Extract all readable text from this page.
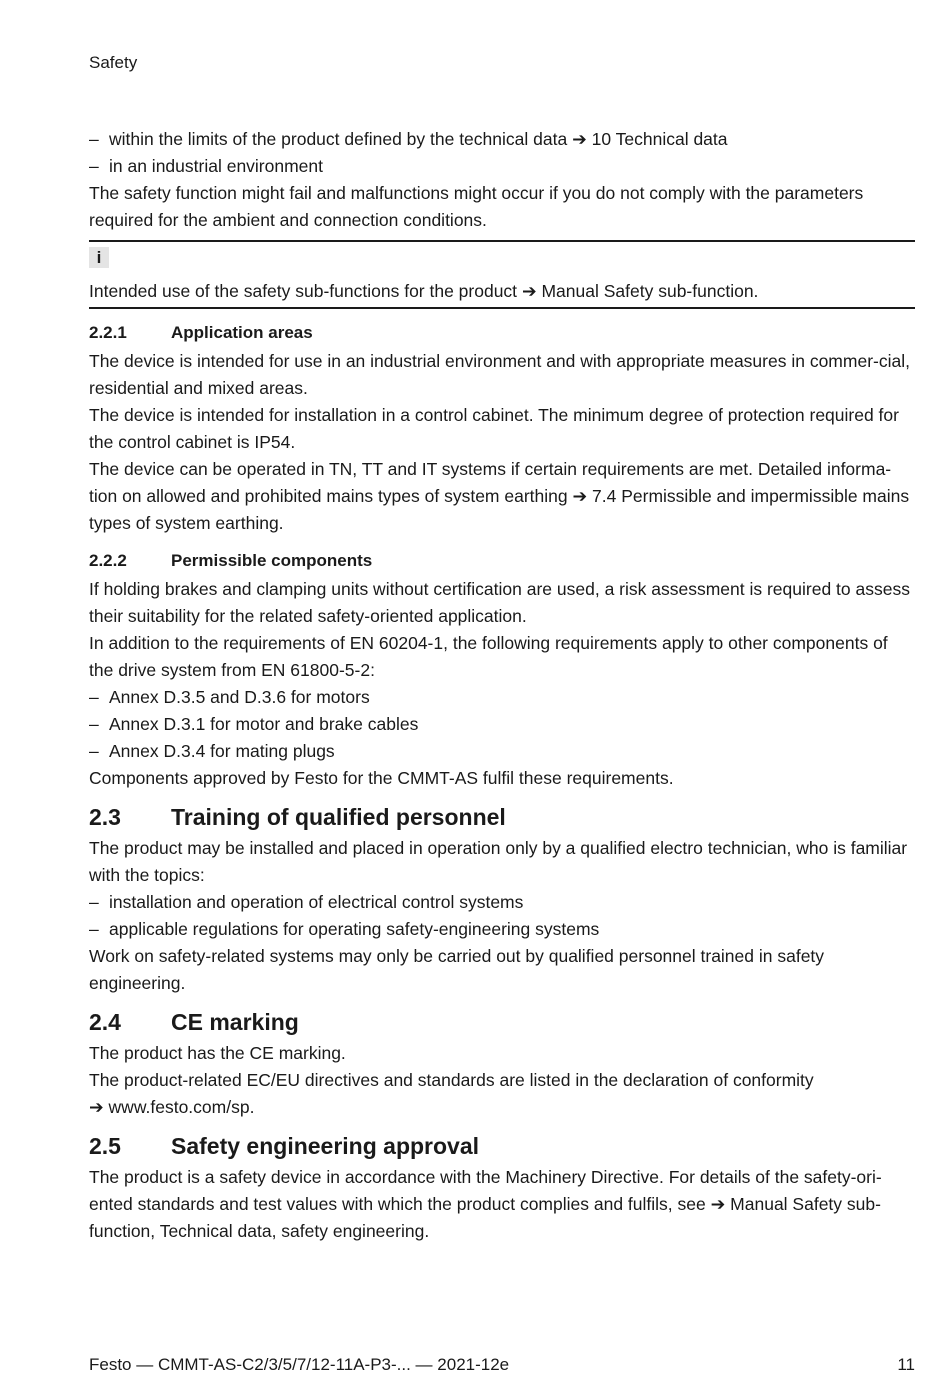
Safety
– within the limits of the product defined by the technical data ➔ 10 Technical data
– in an industrial environment

The safety function might fail and malfunctions might occur if you do not comply with the parameters required for the ambient and connection conditions.

i

Intended use of the safety sub-functions for the product ➔ Manual Safety sub-function.

2.2.1	Application areas

The device is intended for use in an industrial environment and with appropriate measures in commer-cial, residential and mixed areas.

The device is intended for installation in a control cabinet. The minimum degree of protection required for the control cabinet is IP54.

The device can be operated in TN, TT and IT systems if certain requirements are met. Detailed informa-tion on allowed and prohibited mains types of system earthing ➔ 7.4 Permissible and impermissible mains types of system earthing.

2.2.2	Permissible components

If holding brakes and clamping units without certification are used, a risk assessment is required to assess their suitability for the related safety-oriented application.

In addition to the requirements of EN 60204-1, the following requirements apply to other components of the drive system from EN 61800-5-2:

– Annex D.3.5 and D.3.6 for motors
– Annex D.3.1 for motor and brake cables
– Annex D.3.4 for mating plugs

Components approved by Festo for the CMMT-AS fulfil these requirements.

2.3	Training of qualified personnel

The product may be installed and placed in operation only by a qualified electro technician, who is familiar with the topics:

– installation and operation of electrical control systems
– applicable regulations for operating safety-engineering systems

Work on safety-related systems may only be carried out by qualified personnel trained in safety engineering.

2.4	CE marking

The product has the CE marking.

The product-related EC/EU directives and standards are listed in the declaration of conformity
➔ www.festo.com/sp.

2.5	Safety engineering approval

The product is a safety device in accordance with the Machinery Directive. For details of the safety-ori-ented standards and test values with which the product complies and fulfils, see ➔ Manual Safety sub-function, Technical data, safety engineering.

Festo — CMMT-AS-C2/3/5/7/12-11A-P3-... — 2021-12e	11
